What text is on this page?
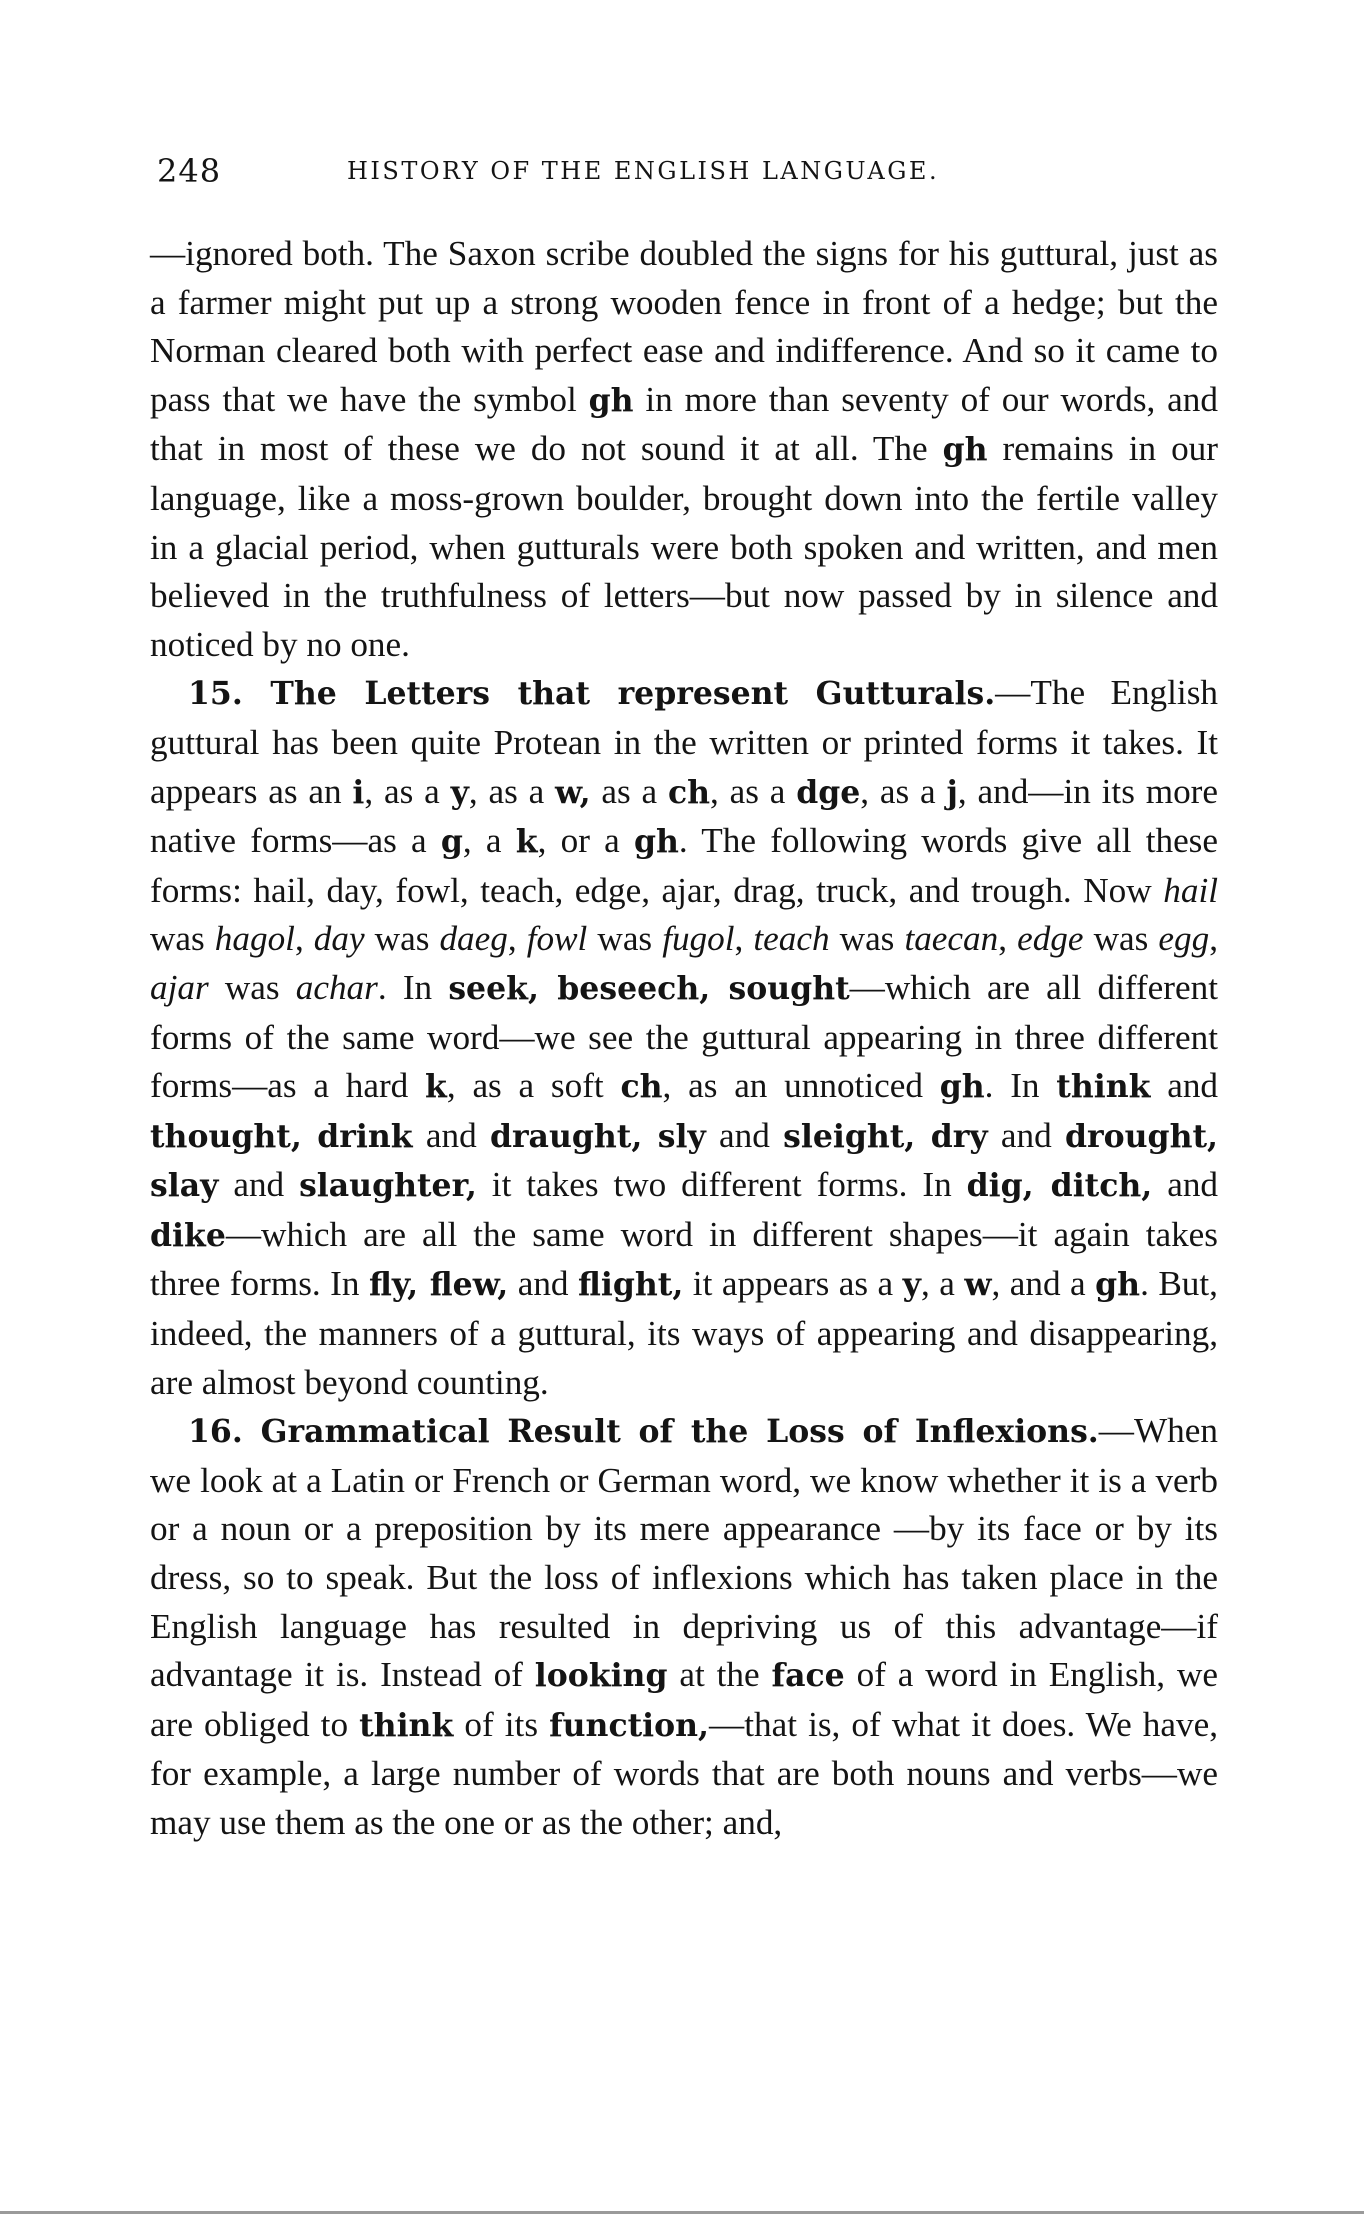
248	HISTORY OF THE ENGLISH LANGUAGE.

—ignored both. The Saxon scribe doubled the signs for his guttural, just as a farmer might put up a strong wooden fence in front of a hedge; but the Norman cleared both with perfect ease and indifference. And so it came to pass that we have the symbol gh in more than seventy of our words, and that in most of these we do not sound it at all. The gh remains in our language, like a moss-grown boulder, brought down into the fertile valley in a glacial period, when gutturals were both spoken and written, and men believed in the truthfulness of letters—but now passed by in silence and noticed by no one.

15. The Letters that represent Gutturals.—The English guttural has been quite Protean in the written or printed forms it takes. It appears as an i, as a y, as a w, as a ch, as a dge, as a j, and—in its more native forms—as a g, a k, or a gh. The following words give all these forms: hail, day, fowl, teach, edge, ajar, drag, truck, and trough. Now hail was hagol, day was daeg, fowl was fugol, teach was taecan, edge was egg, ajar was achar. In seek, beseech, sought—which are all different forms of the same word—we see the guttural appearing in three different forms—as a hard k, as a soft ch, as an unnoticed gh. In think and thought, drink and draught, sly and sleight, dry and drought, slay and slaughter, it takes two different forms. In dig, ditch, and dike—which are all the same word in different shapes—it again takes three forms. In fly, flew, and flight, it appears as a y, a w, and a gh. But, indeed, the manners of a guttural, its ways of appearing and disappearing, are almost beyond counting.

16. Grammatical Result of the Loss of Inflexions.—When we look at a Latin or French or German word, we know whether it is a verb or a noun or a preposition by its mere appearance —by its face or by its dress, so to speak. But the loss of inflexions which has taken place in the English language has resulted in depriving us of this advantage—if advantage it is. Instead of looking at the face of a word in English, we are obliged to think of its function,—that is, of what it does. We have, for example, a large number of words that are both nouns and verbs—we may use them as the one or as the other; and,
